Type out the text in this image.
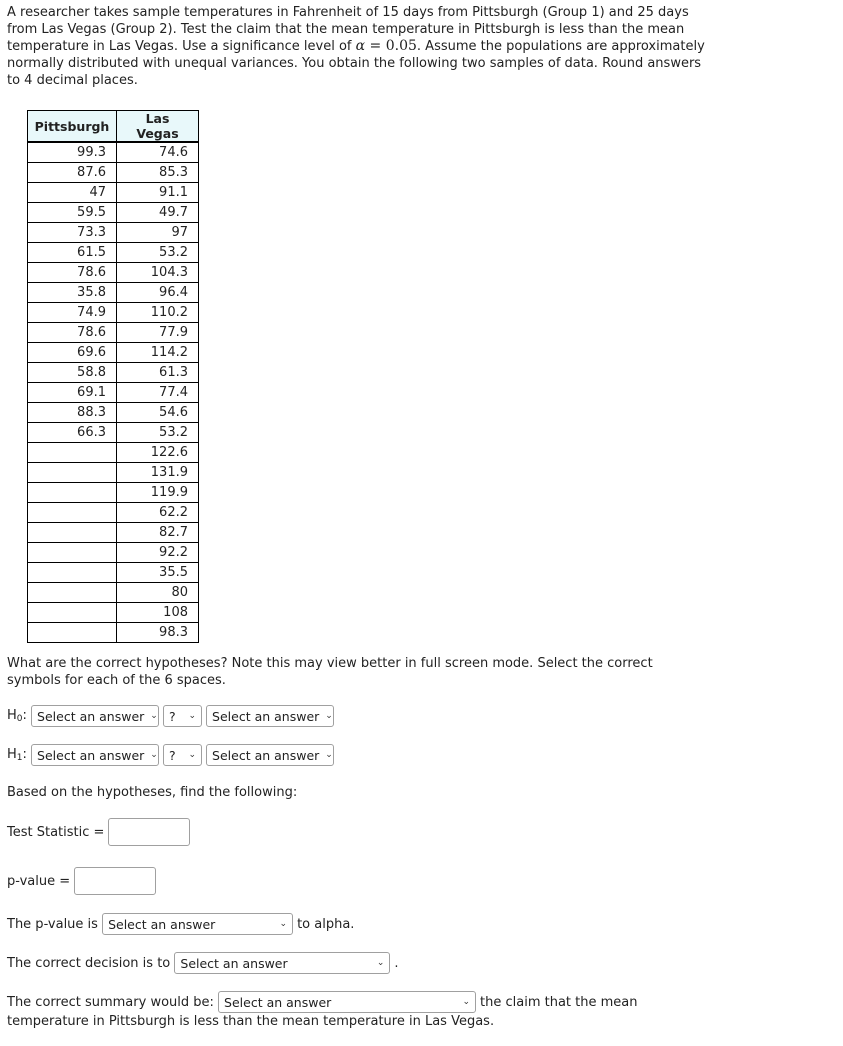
A researcher takes sample temperatures in Fahrenheit of 15 days from Pittsburgh (Group 1) and 25 days from Las Vegas (Group 2). Test the claim that the mean temperature in Pittsburgh is less than the mean temperature in Las Vegas. Use a significance level of α = 0.05. Assume the populations are approximately normally distributed with unequal variances. You obtain the following two samples of data. Round answers to 4 decimal places.
Pittsburgh	Las Vegas
99.3	74.6
87.6	85.3
47	91.1
59.5	49.7
73.3	97
61.5	53.2
78.6	104.3
35.8	96.4
74.9	110.2
78.6	77.9
69.6	114.2
58.8	61.3
69.1	77.4
88.3	54.6
66.3	53.2
	122.6
	131.9
	119.9
	62.2
	82.7
	92.2
	35.5
	80
	108
	98.3
What are the correct hypotheses? Note this may view better in full screen mode. Select the correct symbols for each of the 6 spaces.
$H_0$: Select an answer ⌄ ? ⌄ Select an answer ⌄
$H_1$: Select an answer ⌄ ? ⌄ Select an answer ⌄
Based on the hypotheses, find the following:
Test Statistic =
p-value =
The p-value is
Select an answer	⌄ to alpha.
The correct decision is to
Select an answer	⌄ .
The correct summary would be:
Select an answer	⌄ the claim that the mean
temperature in Pittsburgh is less than the mean temperature in Las Vegas.
